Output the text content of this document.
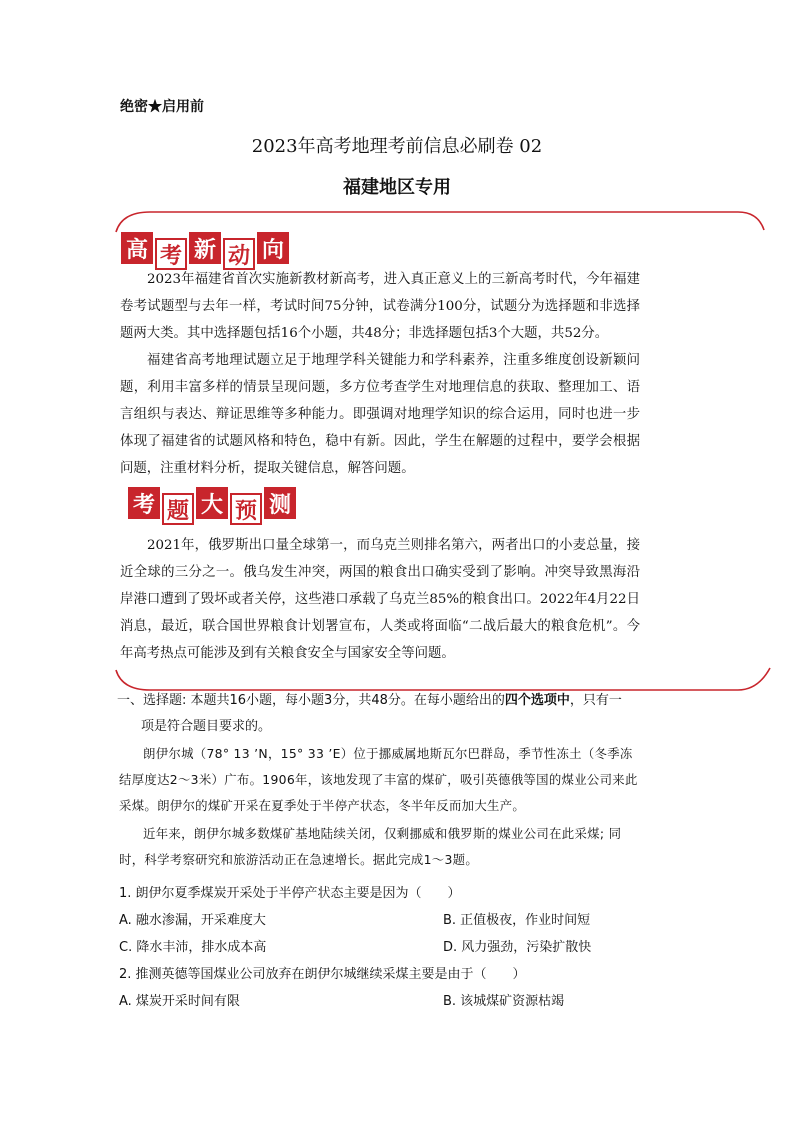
绝密★启用前
2023年高考地理考前信息必刷卷 02
福建地区专用
高 考 新 动 向
2023年福建省首次实施新教材新高考，进入真正意义上的三新高考时代，今年福建卷考试题型与去年一样，考试时间75分钟，试卷满分100分，试题分为选择题和非选择题两大类。其中选择题包括16个小题，共48分；非选择题包括3个大题，共52分。
福建省高考地理试题立足于地理学科关键能力和学科素养，注重多维度创设新颖问题，利用丰富多样的情景呈现问题，多方位考查学生对地理信息的获取、整理加工、语言组织与表达、辩证思维等多种能力。即强调对地理学知识的综合运用，同时也进一步体现了福建省的试题风格和特色，稳中有新。因此，学生在解题的过程中，要学会根据问题，注重材料分析，提取关键信息，解答问题。
考 题 大 预 测
2021年，俄罗斯出口量全球第一，而乌克兰则排名第六，两者出口的小麦总量，接近全球的三分之一。俄乌发生冲突，两国的粮食出口确实受到了影响。冲突导致黑海沿岸港口遭到了毁坏或者关停，这些港口承载了乌克兰85%的粮食出口。2022年4月22日消息，最近，联合国世界粮食计划署宣布，人类或将面临“二战后最大的粮食危机”。今年高考热点可能涉及到有关粮食安全与国家安全等问题。
一、选择题: 本题共16小题，每小题3分，共48分。在每小题给出的四个选项中，只有一
项是符合题目要求的。
朗伊尔城（78° 13 ’N，15° 33 ’E）位于挪威属地斯瓦尔巴群岛，季节性冻土（冬季冻结厚度达2～3米）广布。1906年，该地发现了丰富的煤矿，吸引英德俄等国的煤业公司来此采煤。朗伊尔的煤矿开采在夏季处于半停产状态，冬半年反而加大生产。
近年来，朗伊尔城多数煤矿基地陆续关闭，仅剩挪威和俄罗斯的煤业公司在此采煤; 同时，科学考察研究和旅游活动正在急速增长。据此完成1～3题。
1. 朗伊尔夏季煤炭开采处于半停产状态主要是因为（　　）
A. 融水渗漏，开采难度大	B. 正值极夜，作业时间短
C. 降水丰沛，排水成本高	D. 风力强劲，污染扩散快
2. 推测英德等国煤业公司放弃在朗伊尔城继续采煤主要是由于（　　）
A. 煤炭开采时间有限	B. 该城煤矿资源枯竭
